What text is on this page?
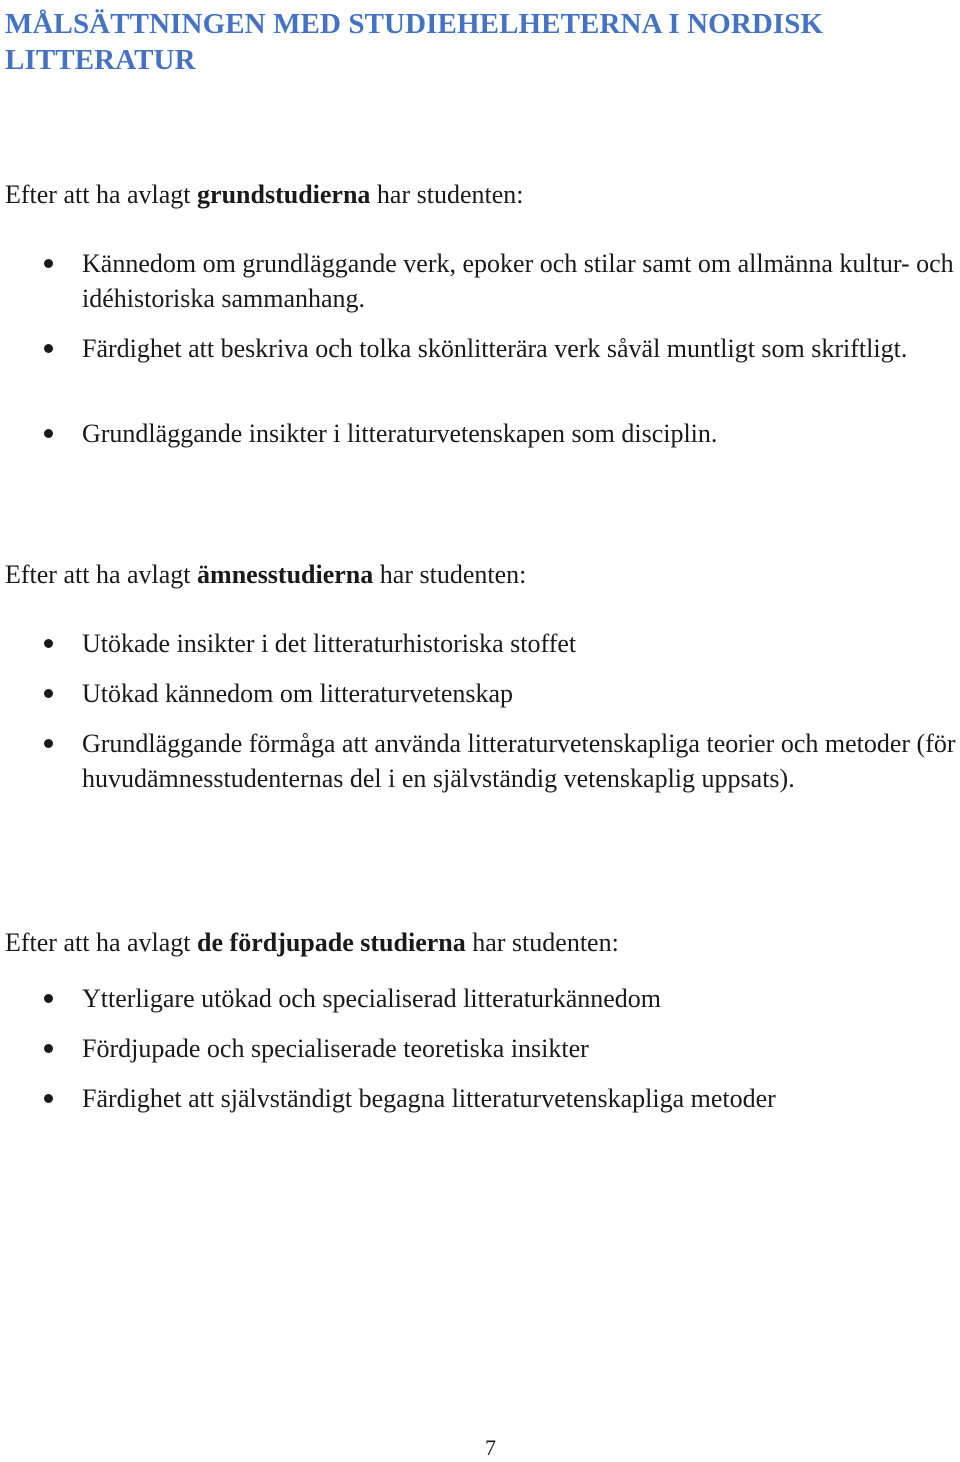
MÅLSÄTTNINGEN MED STUDIEHELHETERNA I NORDISK LITTERATUR

Efter att ha avlagt grundstudierna har studenten:

Kännedom om grundläggande verk, epoker och stilar samt om allmänna kultur- och idéhistoriska sammanhang.

Färdighet att beskriva och tolka skönlitterära verk såväl muntligt som skriftligt.

Grundläggande insikter i litteraturvetenskapen som disciplin.

Efter att ha avlagt ämnesstudierna har studenten:

Utökade insikter i det litteraturhistoriska stoffet

Utökad kännedom om litteraturvetenskap

Grundläggande förmåga att använda litteraturvetenskapliga teorier och metoder (för huvudämnesstudenternas del i en självständig vetenskaplig uppsats).

Efter att ha avlagt de fördjupade studierna har studenten:

Ytterligare utökad och specialiserad litteraturkännedom

Fördjupade och specialiserade teoretiska insikter

Färdighet att självständigt begagna litteraturvetenskapliga metoder

7
